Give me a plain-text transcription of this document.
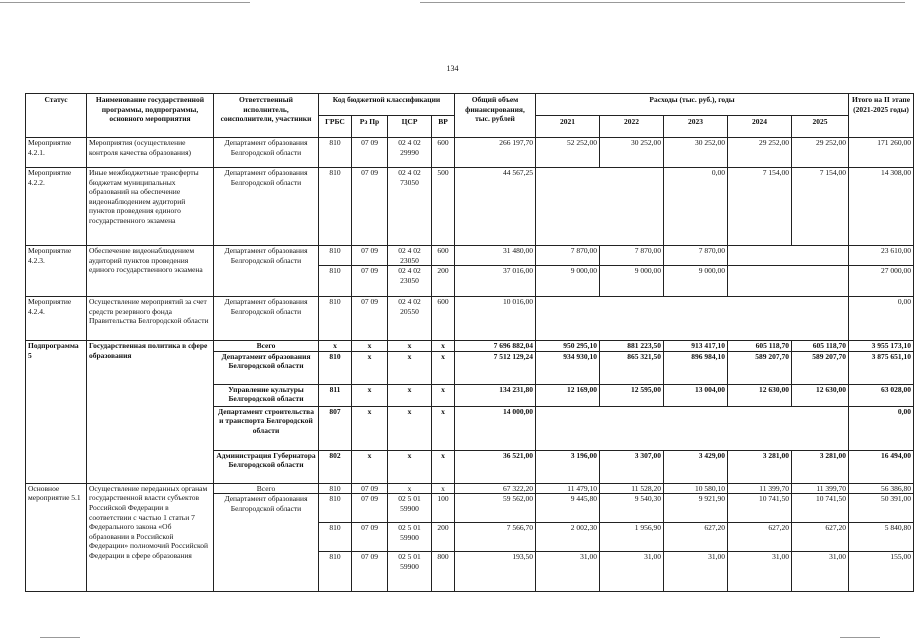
134
Статус	Наименование государственной программы, подпрограммы, основного мероприятия	Ответственный исполнитель, соисполнители, участники	Код бюджетной классификации				Общий объем финансирования, тыс. рублей	Расходы (тыс. руб.), годы					Итого на II этапе (2021-2025 годы)
			ГРБС	Рз Пр	ЦСР	ВР		2021	2022	2023	2024	2025	
Мероприятие 4.2.1.	Мероприятия (осуществление контроля качества образования)	Департамент образования Белгородской области	810	07 09	02 4 02 29990	600	266 197,70	52 252,00	30 252,00	30 252,00	29 252,00	29 252,00	171 260,00
Мероприятие 4.2.2.	Иные межбюджетные трансферты бюджетам муниципальных образований на обеспечение видеонаблюдением аудиторий пунктов проведения единого государственного экзамена	Департамент образования Белгородской области	810	07 09	02 4 02 73050	500	44 567,25			0,00	7 154,00	7 154,00	14 308,00
Мероприятие 4.2.3.	Обеспечение видеонаблюдением аудиторий пунктов проведения единого государственного экзамена	Департамент образования Белгородской области	810	07 09	02 4 02 23050	600	31 480,00	7 870,00	7 870,00	7 870,00			23 610,00
			810	07 09	02 4 02 23050	200	37 016,00	9 000,00	9 000,00	9 000,00			27 000,00
Мероприятие 4.2.4.	Осуществление мероприятий за счет средств резервного фонда Правительства Белгородской области	Департамент образования Белгородской области	810	07 09	02 4 02 20550	600	10 016,00						0,00
Подпрограмма 5	Государственная политика в сфере образования	Всего	x	x	x	x	7 696 882,04	950 295,10	881 223,50	913 417,10	605 118,70	605 118,70	3 955 173,10
		Департамент образования Белгородской области	810	x	x	x	7 512 129,24	934 930,10	865 321,50	896 984,10	589 207,70	589 207,70	3 875 651,10
		Управление культуры Белгородской области	811	x	x	x	134 231,80	12 169,00	12 595,00	13 004,00	12 630,00	12 630,00	63 028,00
		Департамент строительства и транспорта Белгородской области	807	x	x	x	14 000,00						0,00
		Администрация Губернатора Белгородской области	802	x	x	x	36 521,00	3 196,00	3 307,00	3 429,00	3 281,00	3 281,00	16 494,00
Основное мероприятие 5.1	Осуществление переданных органам государственной власти субъектов Российской Федерации в соответствии с частью 1 статьи 7 Федерального закона «Об образовании в Российской Федерации» полномочий Российской Федерации в сфере образования	Всего	810	07 09	x	x	67 322,20	11 479,10	11 528,20	10 580,10	11 399,70	11 399,70	56 386,80
		Департамент образования Белгородской области	810	07 09	02 5 01 59900	100	59 562,00	9 445,80	9 540,30	9 921,90	10 741,50	10 741,50	50 391,00
			810	07 09	02 5 01 59900	200	7 566,70	2 002,30	1 956,90	627,20	627,20	627,20	5 840,80
			810	07 09	02 5 01 59900	800	193,50	31,00	31,00	31,00	31,00	31,00	155,00
